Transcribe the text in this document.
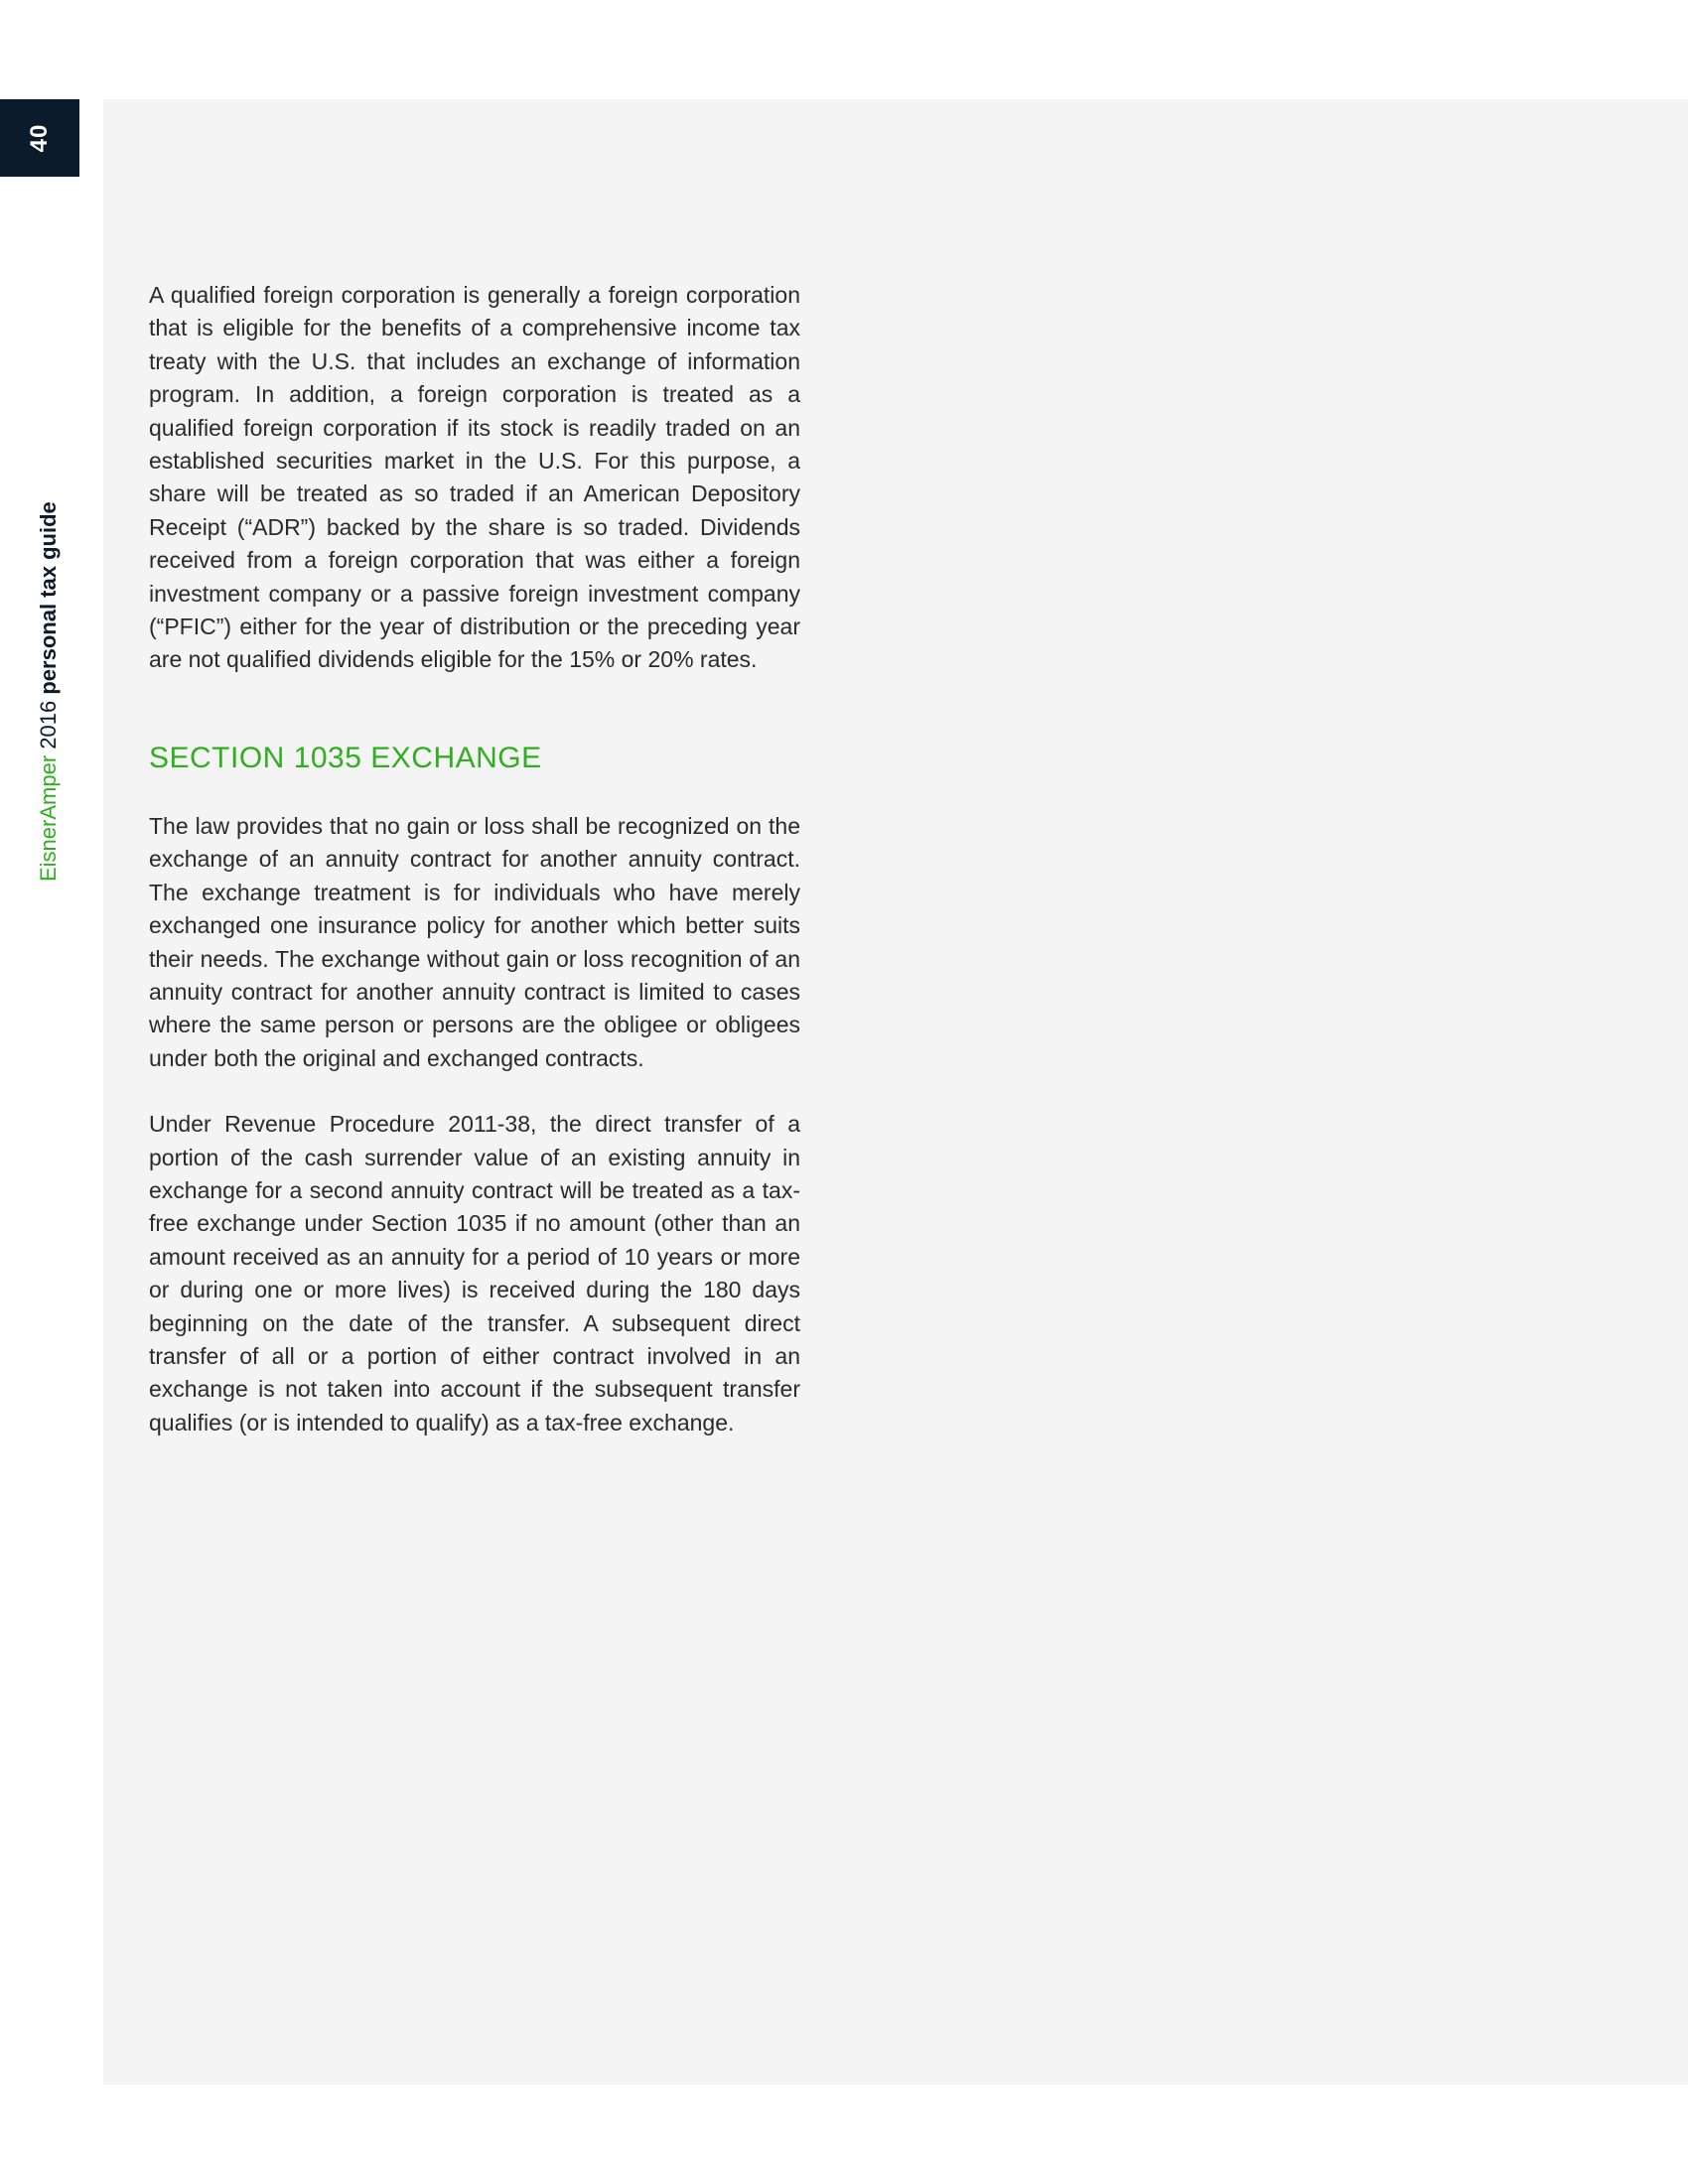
40
EisnerAmper 2016 personal tax guide

A qualified foreign corporation is generally a foreign corporation that is eligible for the benefits of a comprehensive income tax treaty with the U.S. that includes an exchange of information program. In addition, a foreign corporation is treated as a qualified foreign corporation if its stock is readily traded on an established securities market in the U.S. For this purpose, a share will be treated as so traded if an American Depository Receipt (“ADR”) backed by the share is so traded. Dividends received from a foreign corporation that was either a foreign investment company or a passive foreign investment company (“PFIC”) either for the year of distribution or the preceding year are not qualified dividends eligible for the 15% or 20% rates.

SECTION 1035 EXCHANGE

The law provides that no gain or loss shall be recognized on the exchange of an annuity contract for another annuity contract. The exchange treatment is for individuals who have merely exchanged one insurance policy for another which better suits their needs. The exchange without gain or loss recognition of an annuity contract for another annuity contract is limited to cases where the same person or persons are the obligee or obligees under both the original and exchanged contracts.

Under Revenue Procedure 2011-38, the direct transfer of a portion of the cash surrender value of an existing annuity in exchange for a second annuity contract will be treated as a tax-free exchange under Section 1035 if no amount (other than an amount received as an annuity for a period of 10 years or more or during one or more lives) is received during the 180 days beginning on the date of the transfer. A subsequent direct transfer of all or a portion of either contract involved in an exchange is not taken into account if the subsequent transfer qualifies (or is intended to qualify) as a tax-free exchange.
